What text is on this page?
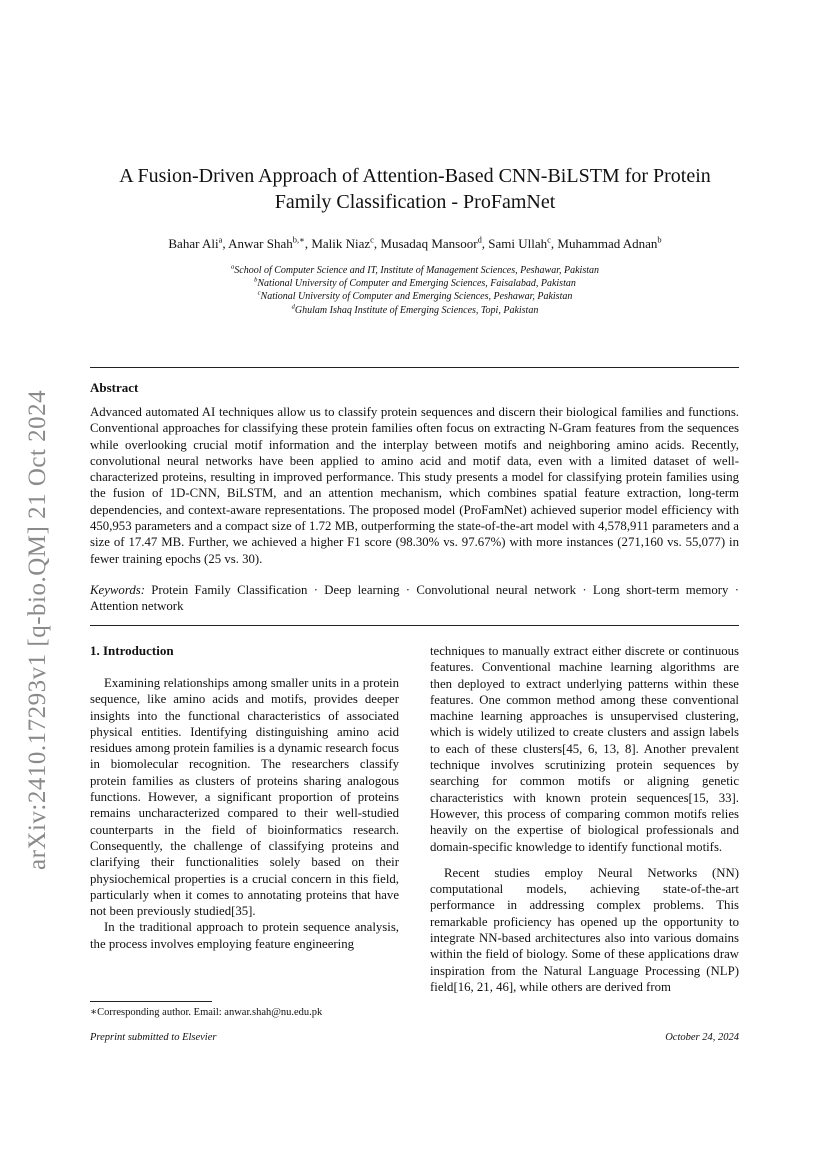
arXiv:2410.17293v1 [q-bio.QM] 21 Oct 2024
A Fusion-Driven Approach of Attention-Based CNN-BiLSTM for Protein Family Classification - ProFamNet
Bahar Ali$^a$, Anwar Shah$^{b,∗}$, Malik Niaz$^c$, Musadaq Mansoor$^d$, Sami Ullah$^c$, Muhammad Adnan$^b$
$^a$School of Computer Science and IT, Institute of Management Sciences, Peshawar, Pakistan
$^b$National University of Computer and Emerging Sciences, Faisalabad, Pakistan
$^c$National University of Computer and Emerging Sciences, Peshawar, Pakistan
$^d$Ghulam Ishaq Institute of Emerging Sciences, Topi, Pakistan
Abstract
Advanced automated AI techniques allow us to classify protein sequences and discern their biological families and functions. Conventional approaches for classifying these protein families often focus on extracting N-Gram features from the sequences while overlooking crucial motif information and the interplay between motifs and neighboring amino acids. Recently, convolutional neural networks have been applied to amino acid and motif data, even with a limited dataset of well-characterized proteins, resulting in improved performance. This study presents a model for classifying protein families using the fusion of 1D-CNN, BiLSTM, and an attention mechanism, which combines spatial feature extraction, long-term dependencies, and context-aware representations. The proposed model (ProFamNet) achieved superior model efficiency with 450,953 parameters and a compact size of 1.72 MB, outperforming the state-of-the-art model with 4,578,911 parameters and a size of 17.47 MB. Further, we achieved a higher F1 score (98.30% vs. 97.67%) with more instances (271,160 vs. 55,077) in fewer training epochs (25 vs. 30).
Keywords: Protein Family Classification · Deep learning · Convolutional neural network · Long short-term memory · Attention network
1. Introduction

Examining relationships among smaller units in a protein sequence, like amino acids and motifs, provides deeper insights into the functional characteristics of associated physical entities. Identifying distinguishing amino acid residues among protein families is a dynamic research focus in biomolecular recognition. The researchers classify protein families as clusters of proteins sharing analogous functions. However, a significant proportion of proteins remains uncharacterized compared to their well-studied counterparts in the field of bioinformatics research. Consequently, the challenge of classifying proteins and clarifying their functionalities solely based on their physiochemical properties is a crucial concern in this field, particularly when it comes to annotating proteins that have not been previously studied[35].

In the traditional approach to protein sequence analysis, the process involves employing feature engineering

techniques to manually extract either discrete or continuous features. Conventional machine learning algorithms are then deployed to extract underlying patterns within these features. One common method among these conventional machine learning approaches is unsupervised clustering, which is widely utilized to create clusters and assign labels to each of these clusters[45, 6, 13, 8]. Another prevalent technique involves scrutinizing protein sequences by searching for common motifs or aligning genetic characteristics with known protein sequences[15, 33]. However, this process of comparing common motifs relies heavily on the expertise of biological professionals and domain-specific knowledge to identify functional motifs.

Recent studies employ Neural Networks (NN) computational models, achieving state-of-the-art performance in addressing complex problems. This remarkable proficiency has opened up the opportunity to integrate NN-based architectures also into various domains within the field of biology. Some of these applications draw inspiration from the Natural Language Processing (NLP) field[16, 21, 46], while others are derived from

∗Corresponding author. Email: anwar.shah@nu.edu.pk
Preprint submitted to Elsevier	October 24, 2024
